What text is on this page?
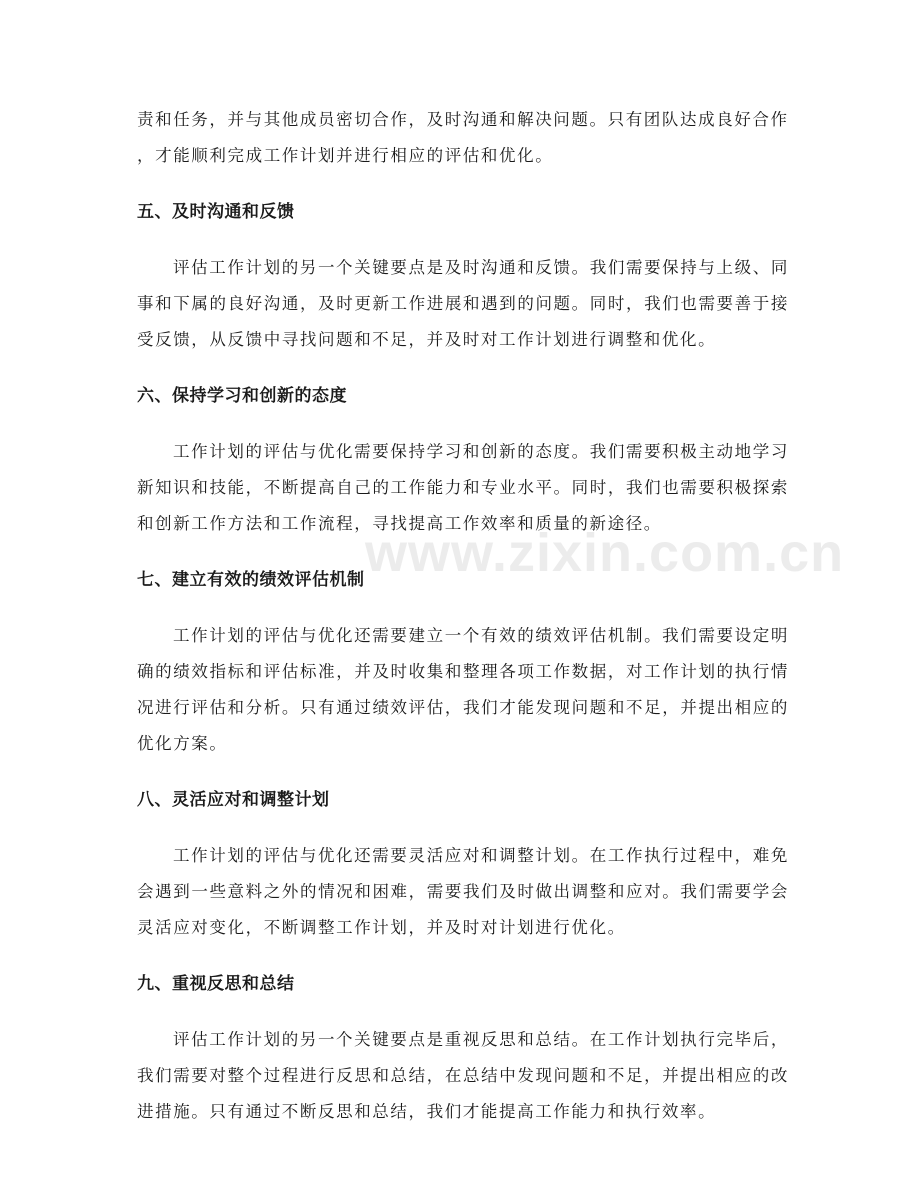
责和任务，并与其他成员密切合作，及时沟通和解决问题。只有团队达成良好合作

，才能顺利完成工作计划并进行相应的评估和优化。

五、及时沟通和反馈

评估工作计划的另一个关键要点是及时沟通和反馈。我们需要保持与上级、同事和下属的良好沟通，及时更新工作进展和遇到的问题。同时，我们也需要善于接受反馈，从反馈中寻找问题和不足，并及时对工作计划进行调整和优化。

六、保持学习和创新的态度

工作计划的评估与优化需要保持学习和创新的态度。我们需要积极主动地学习新知识和技能，不断提高自己的工作能力和专业水平。同时，我们也需要积极探索和创新工作方法和工作流程，寻找提高工作效率和质量的新途径。

七、建立有效的绩效评估机制

工作计划的评估与优化还需要建立一个有效的绩效评估机制。我们需要设定明确的绩效指标和评估标准，并及时收集和整理各项工作数据，对工作计划的执行情况进行评估和分析。只有通过绩效评估，我们才能发现问题和不足，并提出相应的优化方案。

八、灵活应对和调整计划

工作计划的评估与优化还需要灵活应对和调整计划。在工作执行过程中，难免会遇到一些意料之外的情况和困难，需要我们及时做出调整和应对。我们需要学会灵活应对变化，不断调整工作计划，并及时对计划进行优化。

九、重视反思和总结

评估工作计划的另一个关键要点是重视反思和总结。在工作计划执行完毕后，我们需要对整个过程进行反思和总结，在总结中发现问题和不足，并提出相应的改进措施。只有通过不断反思和总结，我们才能提高工作能力和执行效率。

www.zixin.com.cn
